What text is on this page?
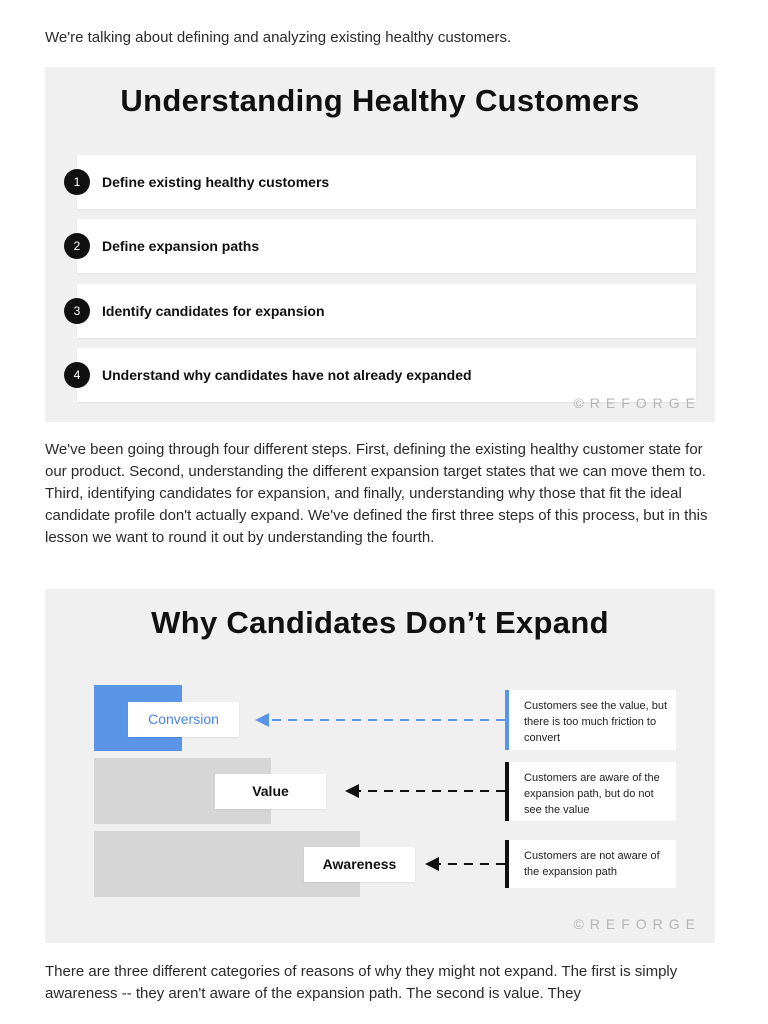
We're talking about defining and analyzing existing healthy customers.

Understanding Healthy Customers
1	Define existing healthy customers
2	Define expansion paths
3	Identify candidates for expansion
4	Understand why candidates have not already expanded
©REFORGE

We've been going through four different steps. First, defining the existing healthy customer state for our product. Second, understanding the different expansion target states that we can move them to. Third, identifying candidates for expansion, and finally, understanding why those that fit the ideal candidate profile don't actually expand. We've defined the first three steps of this process, but in this lesson we want to round it out by understanding the fourth.

Why Candidates Don’t Expand
Conversion
Value
Awareness
Customers see the value, but there is too much friction to convert
Customers are aware of the expansion path, but do not see the value
Customers are not aware of the expansion path
©REFORGE

There are three different categories of reasons of why they might not expand. The first is simply awareness -- they aren't aware of the expansion path. The second is value. They
